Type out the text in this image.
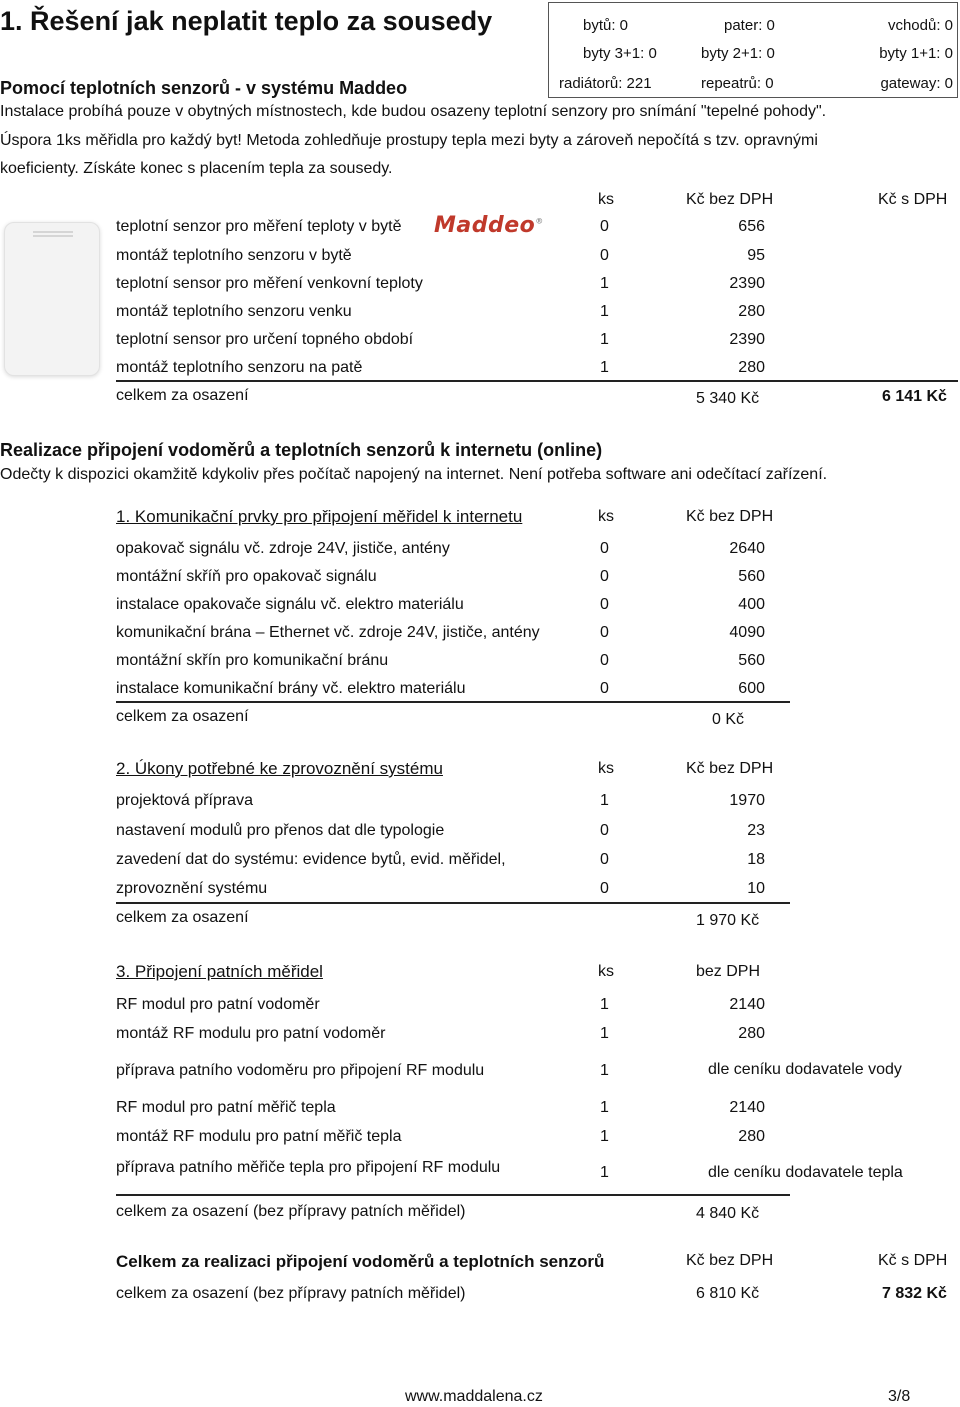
1. Řešení jak neplatit teplo za sousedy
Pomocí teplotních senzorů - v systému Maddeo
bytů: 0	pater: 0	vchodů: 0
byty 3+1: 0	byty 2+1: 0	byty 1+1: 0
radiátorů: 221	repeatrů: 0	gateway: 0
Instalace probíhá pouze v obytných místnostech, kde budou osazeny teplotní senzory pro snímání "tepelné pohody".
Úspora 1ks měřidla pro každý byt! Metoda zohledňuje prostupy tepla mezi byty a zároveň nepočítá s tzv. opravnými
koeficienty. Získáte konec s placením tepla za sousedy.
ks	Kč bez DPH	Kč s DPH
teplotní senzor pro měření teploty v bytě	Maddeo®	0	656
montáž teplotního senzoru v bytě	0	95
teplotní sensor pro měření venkovní teploty	1	2390
montáž teplotního senzoru venku	1	280
teplotní sensor pro určení topného období	1	2390
montáž teplotního senzoru na patě	1	280
celkem za osazení	5 340 Kč	6 141 Kč
Realizace připojení vodoměrů a teplotních senzorů k internetu (online)
Odečty k dispozici okamžitě kdykoliv přes počítač napojený na internet. Není potřeba software ani odečítací zařízení.
1. Komunikační prvky pro připojení měřidel k internetu	ks	Kč bez DPH
opakovač signálu vč. zdroje 24V, jističe, antény	0	2640
montážní skříň pro opakovač signálu	0	560
instalace opakovače signálu vč. elektro materiálu	0	400
komunikační brána – Ethernet vč. zdroje 24V, jističe, antény	0	4090
montážní skřín pro komunikační bránu	0	560
instalace komunikační brány vč. elektro materiálu	0	600
celkem za osazení	0 Kč
2. Úkony potřebné ke zprovoznění systému	ks	Kč bez DPH
projektová příprava	1	1970
nastavení modulů pro přenos dat dle typologie	0	23
zavedení dat do systému: evidence bytů, evid. měřidel,	0	18
zprovoznění systému	0	10
celkem za osazení	1 970 Kč
3. Připojení patních měřidel	ks	bez DPH
RF modul pro patní vodoměr	1	2140
montáž RF modulu pro patní vodoměr	1	280
příprava patního vodoměru pro připojení RF modulu	1	dle ceníku dodavatele vody
RF modul pro patní měřič tepla	1	2140
montáž RF modulu pro patní měřič tepla	1	280
příprava patního měřiče tepla pro připojení RF modulu	1	dle ceníku dodavatele tepla
celkem za osazení (bez přípravy patních měřidel)	4 840 Kč
Celkem za realizaci připojení vodoměrů a teplotních senzorů	Kč bez DPH	Kč s DPH
celkem za osazení (bez přípravy patních měřidel)	6 810 Kč	7 832 Kč
www.maddalena.cz	3/8
